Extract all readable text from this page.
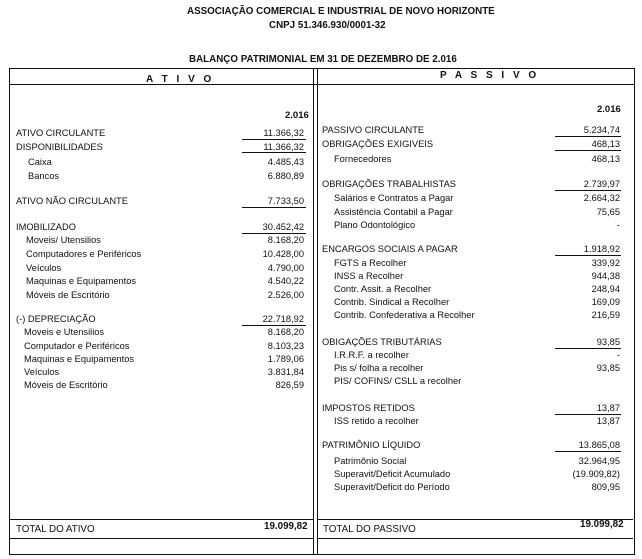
ASSOCIAÇÃO COMERCIAL E INDUSTRIAL DE NOVO HORIZONTE
CNPJ 51.346.930/0001-32
BALANÇO PATRIMONIAL EM 31 DE DEZEMBRO DE 2.016
A T I V O	P A S S I V O
2.016
2.016
ATIVO CIRCULANTE	11.366,32
DISPONIBILIDADES	11.366,32
Caixa	4.485,43
Bancos	6.880,89
ATIVO NÃO CIRCULANTE	7.733,50
IMOBILIZADO	30.452,42
Moveis/ Utensilios	8.168,20
Computadores e Periféricos	10.428,00
Veículos	4.790,00
Maquinas e Equipamentos	4.540,22
Móveis de Escritório	2.526,00
(-) DEPRECIAÇÃO	22.718,92
Moveis e Utensilios	8.168,20
Computador e Periféricos	8.103,23
Maquinas e Equipamentos	1.789,06
Veículos	3.831,84
Móveis de Escritório	826,59
PASSIVO CIRCULANTE	5.234,74
OBRIGAÇÕES EXIGIVEIS	468,13
Fornecedores	468,13
OBRIGAÇÕES TRABALHISTAS	2.739,97
Salários e Contratos a Pagar	2.664,32
Assistência Contabil a Pagar	75,65
Plano Odontológico	-
ENCARGOS SOCIAIS A PAGAR	1.918,92
FGTS a Recolher	339,92
INSS a Recolher	944,38
Contr. Assit. a Recolher	248,94
Contrib. Sindical a Recolher	169,09
Contrib. Confederativa a Recolher	216,59
OBIGAÇÕES TRIBUTÁRIAS	93,85
I.R.R.F. a recolher	-
Pis s/ folha a recolher	93,85
PIS/ COFINS/ CSLL a recolher
IMPOSTOS RETIDOS	13,87
ISS retido a recolher	13,87
PATRIMÔNIO LÍQUIDO	13.865,08
Patrimônio Social	32.964,95
Superavit/Deficit Acumulado	(19.909,82)
Superavit/Deficit do Período	809,95
TOTAL DO ATIVO	19.099,82 TOTAL DO PASSIVO	19.099,82
